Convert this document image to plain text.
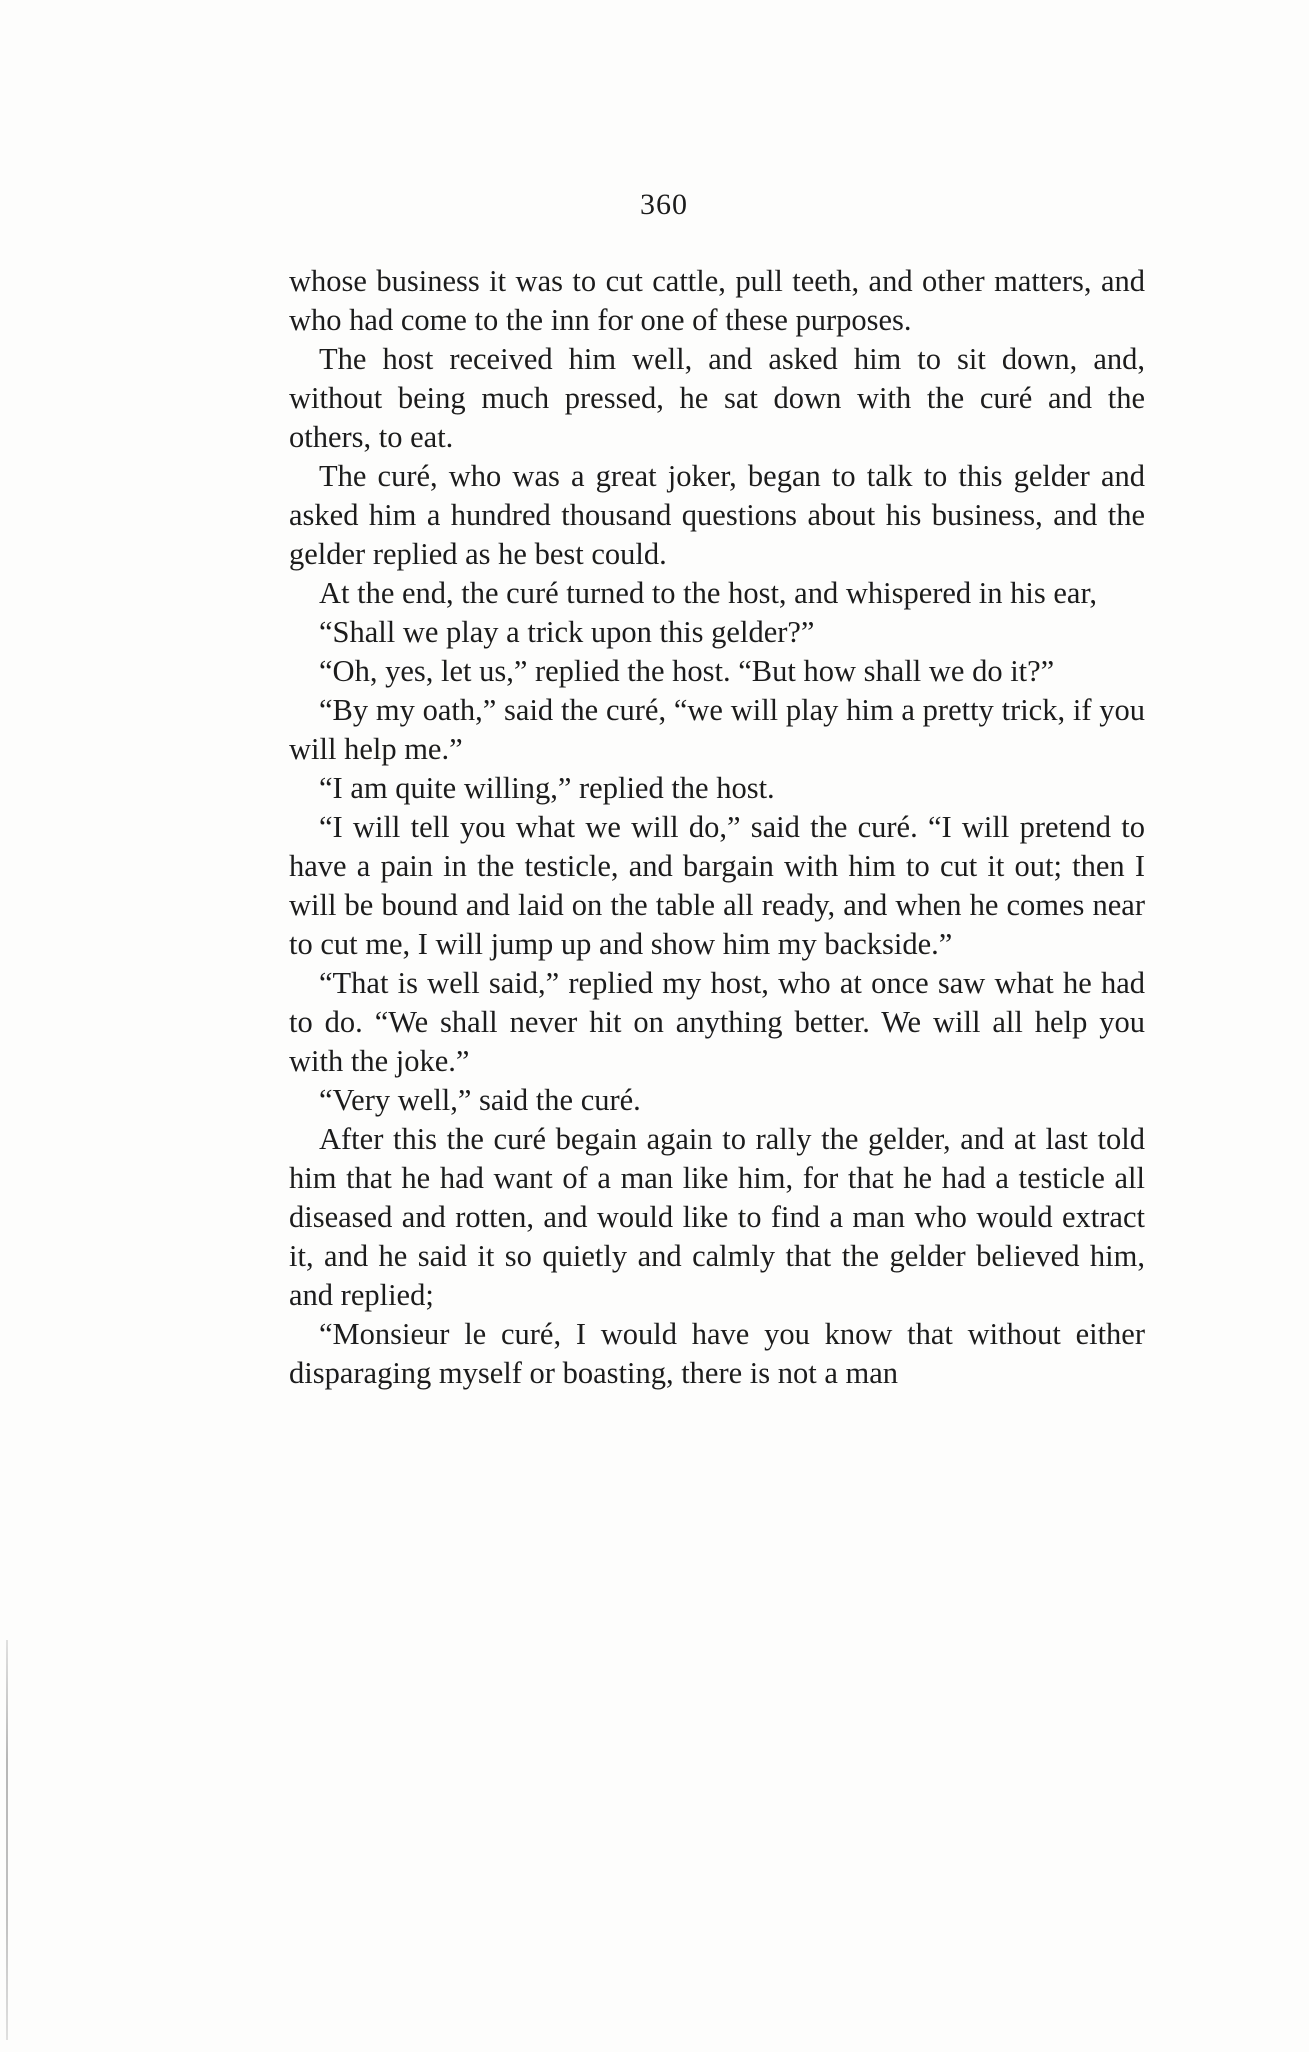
360

whose business it was to cut cattle, pull teeth, and other matters, and who had come to the inn for one of these purposes.

The host received him well, and asked him to sit down, and, without being much pressed, he sat down with the curé and the others, to eat.

The curé, who was a great joker, began to talk to this gelder and asked him a hundred thousand questions about his business, and the gelder replied as he best could.

At the end, the curé turned to the host, and whispered in his ear,

“Shall we play a trick upon this gelder?”

“Oh, yes, let us,” replied the host. “But how shall we do it?”

“By my oath,” said the curé, “we will play him a pretty trick, if you will help me.”

“I am quite willing,” replied the host.

“I will tell you what we will do,” said the curé. “I will pretend to have a pain in the testicle, and bargain with him to cut it out; then I will be bound and laid on the table all ready, and when he comes near to cut me, I will jump up and show him my backside.”

“That is well said,” replied my host, who at once saw what he had to do. “We shall never hit on anything better. We will all help you with the joke.”

“Very well,” said the curé.

After this the curé begain again to rally the gelder, and at last told him that he had want of a man like him, for that he had a testicle all diseased and rotten, and would like to find a man who would extract it, and he said it so quietly and calmly that the gelder believed him, and replied;

“Monsieur le curé, I would have you know that without either disparaging myself or boasting, there is not a man
